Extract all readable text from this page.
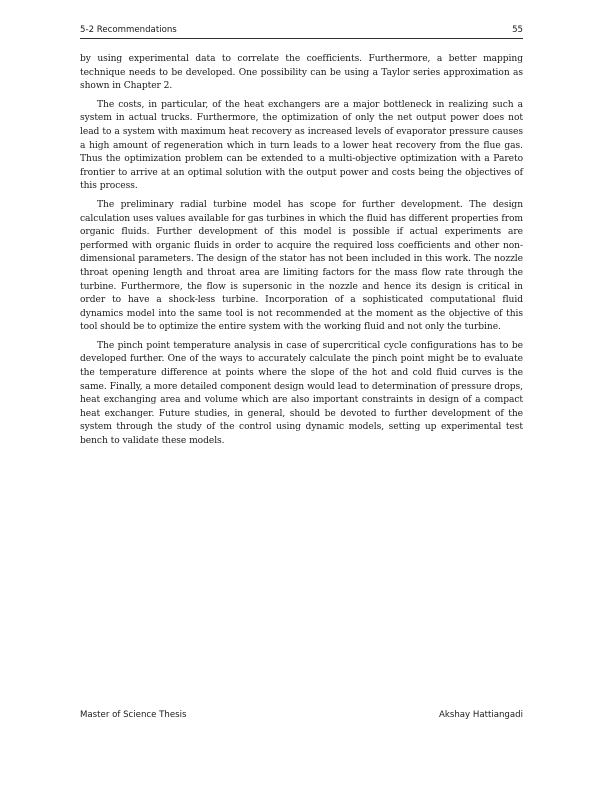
5-2 Recommendations	55

by using experimental data to correlate the coefficients. Furthermore, a better mapping technique needs to be developed. One possibility can be using a Taylor series approximation as shown in Chapter 2.

The costs, in particular, of the heat exchangers are a major bottleneck in realizing such a system in actual trucks. Furthermore, the optimization of only the net output power does not lead to a system with maximum heat recovery as increased levels of evaporator pressure causes a high amount of regeneration which in turn leads to a lower heat recovery from the flue gas. Thus the optimization problem can be extended to a multi-objective optimization with a Pareto frontier to arrive at an optimal solution with the output power and costs being the objectives of this process.

The preliminary radial turbine model has scope for further development. The design calculation uses values available for gas turbines in which the fluid has different properties from organic fluids. Further development of this model is possible if actual experiments are performed with organic fluids in order to acquire the required loss coefficients and other non-dimensional parameters. The design of the stator has not been included in this work. The nozzle throat opening length and throat area are limiting factors for the mass flow rate through the turbine. Furthermore, the flow is supersonic in the nozzle and hence its design is critical in order to have a shock-less turbine. Incorporation of a sophisticated computational fluid dynamics model into the same tool is not recommended at the moment as the objective of this tool should be to optimize the entire system with the working fluid and not only the turbine.

The pinch point temperature analysis in case of supercritical cycle configurations has to be developed further. One of the ways to accurately calculate the pinch point might be to evaluate the temperature difference at points where the slope of the hot and cold fluid curves is the same. Finally, a more detailed component design would lead to determination of pressure drops, heat exchanging area and volume which are also important constraints in design of a compact heat exchanger. Future studies, in general, should be devoted to further development of the system through the study of the control using dynamic models, setting up experimental test bench to validate these models.

Master of Science Thesis	Akshay Hattiangadi
